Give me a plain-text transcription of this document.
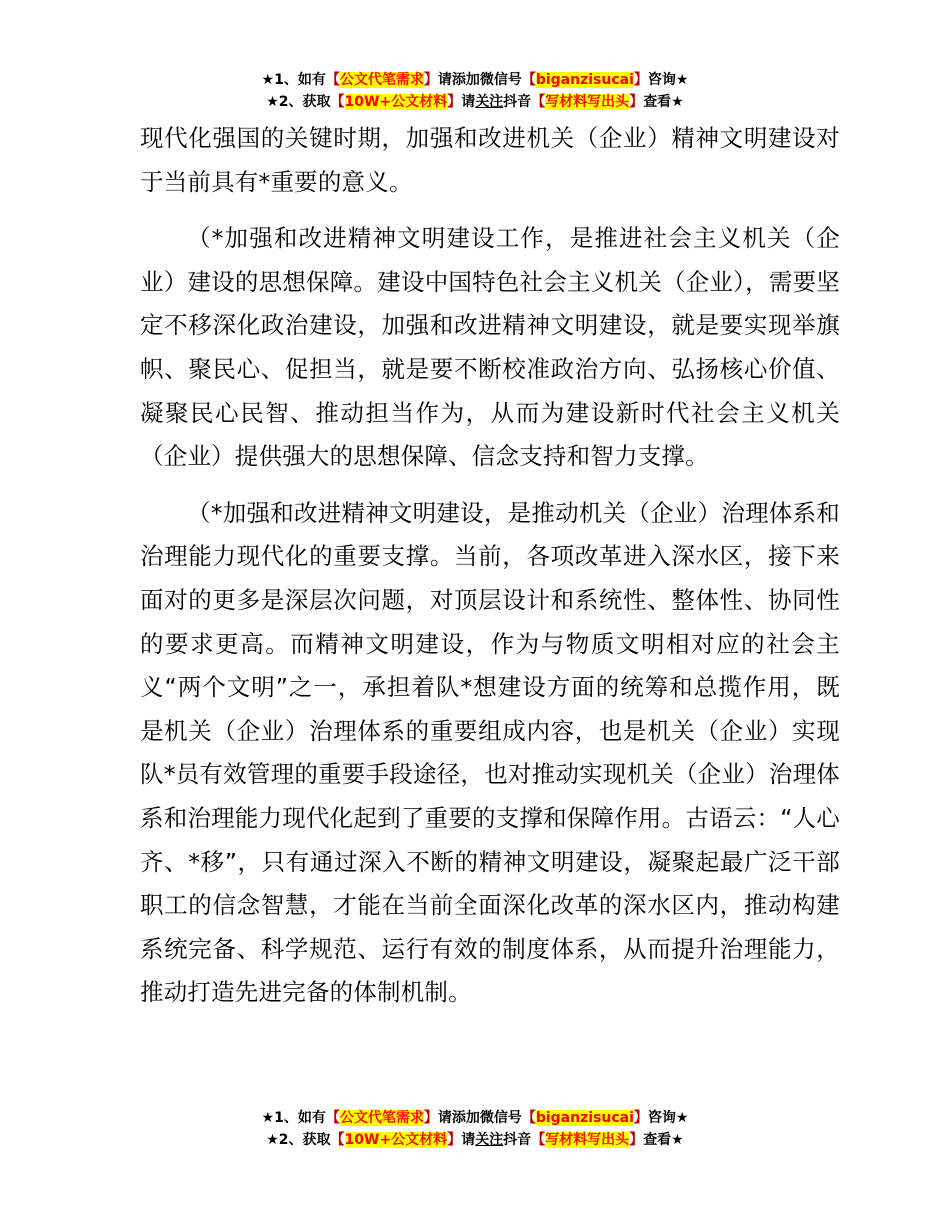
★1、如有【公文代笔需求】请添加微信号【biganzisucai】咨询★
★2、获取【10W+公文材料】请关注抖音【写材料写出头】查看★

现代化强国的关键时期，加强和改进机关（企业）精神文明建设对于当前具有*重要的意义。

（*加强和改进精神文明建设工作，是推进社会主义机关（企业）建设的思想保障。建设中国特色社会主义机关（企业），需要坚定不移深化政治建设，加强和改进精神文明建设，就是要实现举旗帜、聚民心、促担当，就是要不断校准政治方向、弘扬核心价值、凝聚民心民智、推动担当作为，从而为建设新时代社会主义机关（企业）提供强大的思想保障、信念支持和智力支撑。

（*加强和改进精神文明建设，是推动机关（企业）治理体系和治理能力现代化的重要支撑。当前，各项改革进入深水区，接下来面对的更多是深层次问题，对顶层设计和系统性、整体性、协同性的要求更高。而精神文明建设，作为与物质文明相对应的社会主义“两个文明”之一，承担着队*想建设方面的统筹和总揽作用，既是机关（企业）治理体系的重要组成内容，也是机关（企业）实现队*员有效管理的重要手段途径，也对推动实现机关（企业）治理体系和治理能力现代化起到了重要的支撑和保障作用。古语云：“人心齐、*移”，只有通过深入不断的精神文明建设，凝聚起最广泛干部职工的信念智慧，才能在当前全面深化改革的深水区内，推动构建系统完备、科学规范、运行有效的制度体系，从而提升治理能力，推动打造先进完备的体制机制。

★1、如有【公文代笔需求】请添加微信号【biganzisucai】咨询★
★2、获取【10W+公文材料】请关注抖音【写材料写出头】查看★
